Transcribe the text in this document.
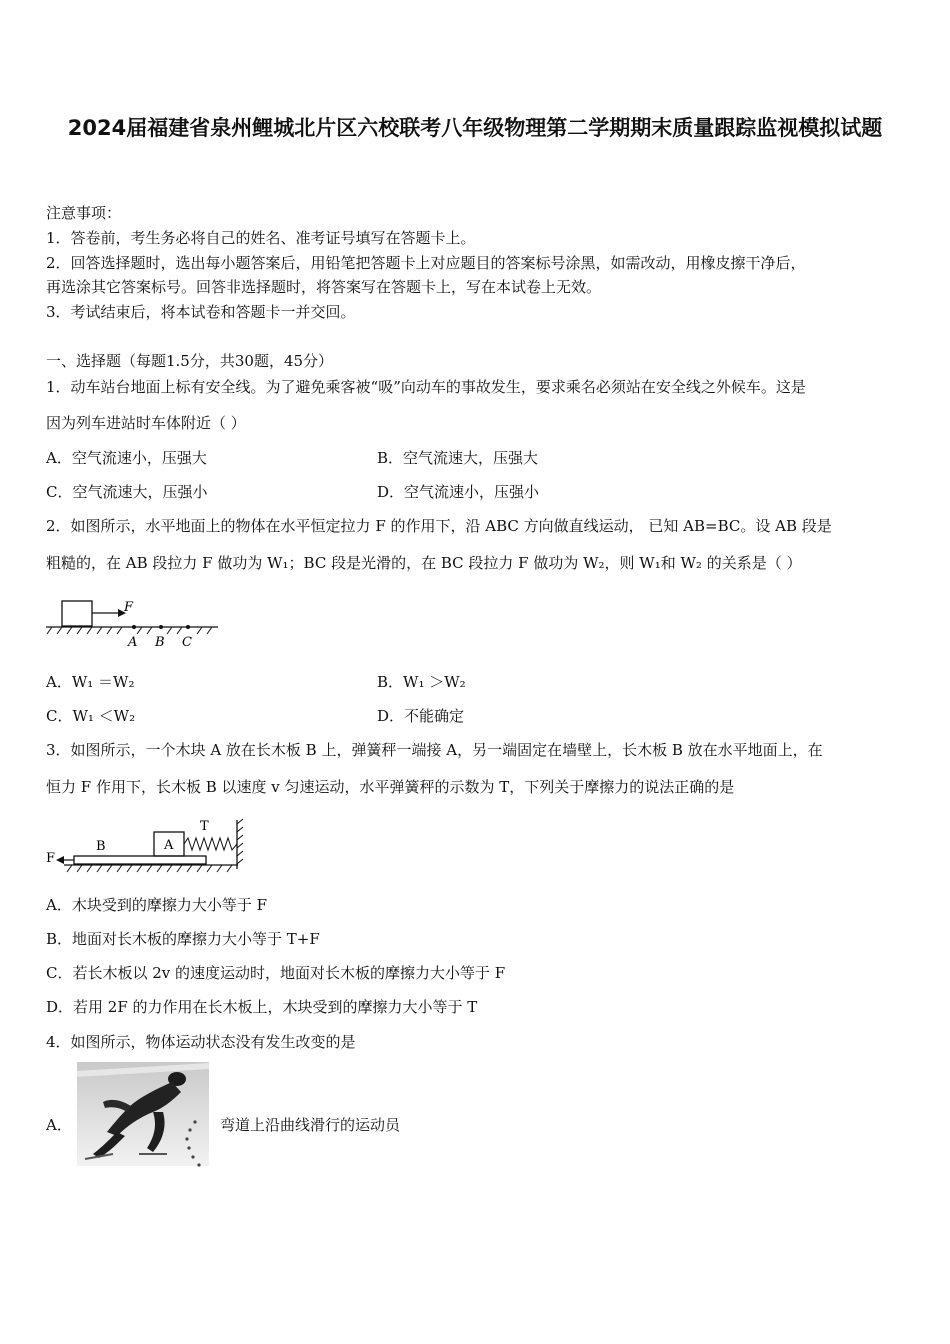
2024届福建省泉州鲤城北片区六校联考八年级物理第二学期期末质量跟踪监视模拟试题
注意事项：
1．答卷前，考生务必将自己的姓名、准考证号填写在答题卡上。
2．回答选择题时，选出每小题答案后，用铅笔把答题卡上对应题目的答案标号涂黑，如需改动，用橡皮擦干净后，
再选涂其它答案标号。回答非选择题时，将答案写在答题卡上，写在本试卷上无效。
3．考试结束后，将本试卷和答题卡一并交回。
一、选择题（每题1.5分，共30题，45分）
1．动车站台地面上标有安全线。为了避免乘客被“吸”向动车的事故发生，要求乘名必须站在安全线之外候车。这是
因为列车进站时车体附近（ ）
A．空气流速小，压强大	B．空气流速大，压强大
C．空气流速大，压强小	D．空气流速小，压强小
2．如图所示，水平地面上的物体在水平恒定拉力 F 的作用下，沿 ABC 方向做直线运动， 已知 AB=BC。设 AB 段是
粗糙的，在 AB 段拉力 F 做功为 W₁；BC 段是光滑的，在 BC 段拉力 F 做功为 W₂，则 W₁和 W₂ 的关系是（ ）
F
A B C
A．W₁ ＝W₂	B．W₁ ＞W₂
C．W₁ ＜W₂	D．不能确定
3．如图所示，一个木块 A 放在长木板 B 上，弹簧秤一端接 A，另一端固定在墙壁上，长木板 B 放在水平地面上，在
恒力 F 作用下，长木板 B 以速度 v 匀速运动，水平弹簧秤的示数为 T，下列关于摩擦力的说法正确的是
T
A
B
F
A．木块受到的摩擦力大小等于 F
B．地面对长木板的摩擦力大小等于 T+F
C．若长木板以 2v 的速度运动时，地面对长木板的摩擦力大小等于 F
D．若用 2F 的力作用在长木板上，木块受到的摩擦力大小等于 T
4．如图所示，物体运动状态没有发生改变的是
A．	弯道上沿曲线滑行的运动员
